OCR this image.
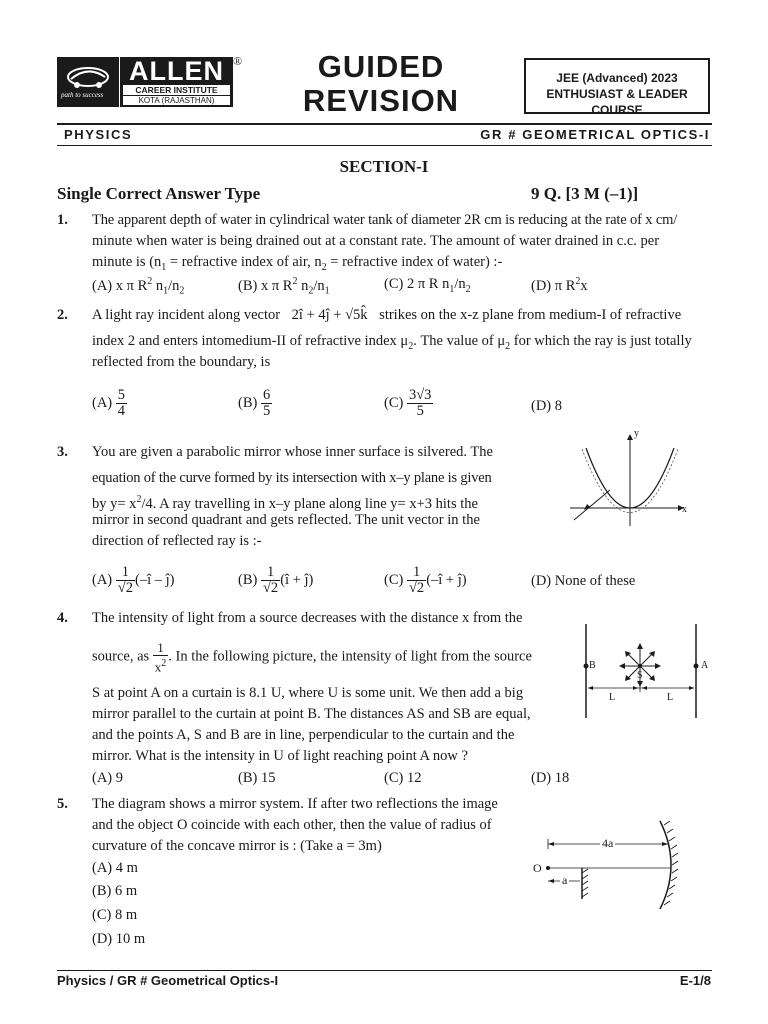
path to success
ALLEN
CAREER INSTITUTE
KOTA (RAJASTHAN)
®	GUIDED
REVISION
JEE (Advanced) 2023
ENTHUSIAST & LEADER COURSE
PHYSICS	GR # GEOMETRICAL OPTICS-I
SECTION-I
Single Correct Answer Type	9 Q. [3 M (–1)]
1. The apparent depth of water in cylindrical water tank of diameter 2R cm is reducing at the rate of x cm/
minute when water is being drained out at a constant rate. The amount of water drained in c.c. per
minute is ($n_1$ = refractive index of air, $n_2$ = refractive index of water) :-
(A) x π $R^2$ $n_1/n_2$	(B) x π $R^2$ $n_2/n_1$	(C) 2 π R $n_1/n_2$	(D) π $R^2x$
2. A light ray incident along vector 2î + 4ĵ + √5k̂ strikes on the x-z plane from medium-I of refractive
index 2 and enters intomedium-II of refractive index $\mu_2$. The value of $\mu_2$ for which the ray is just totally
reflected from the boundary, is
$(A) \frac{5}{4}$	$(B) \frac{6}{5}$	$(C) \frac{3√3}{5}$	(D) 8
3. You are given a parabolic mirror whose inner surface is silvered. The
equation of the curve formed by its intersection with x–y plane is given
by $y= x^2/4$. A ray travelling in x–y plane along line y= x+3 hits the
mirror in second quadrant and gets reflected. The unit vector in the
direction of reflected ray is :-
y
x
$(A) \frac{1}{√2}$ (–î – ĵ)	$(B) \frac{1}{√2}$ (î + ĵ)	$(C) \frac{1}{√2}$ (–î + ĵ)	(D) None of these
4. The intensity of light from a source decreases with the distance x from the
source, as $\frac{1}{x^2}$ . In the following picture, the intensity of light from the source
S at point A on a curtain is 8.1 U, where U is some unit. We then add a big
mirror parallel to the curtain at point B. The distances AS and SB are equal,
and the points A, S and B are in line, perpendicular to the curtain and the
mirror. What is the intensity in U of light reaching point A now ?
B	A
S
L	L
(A) 9	(B) 15	(C) 12	(D) 18
5. The diagram shows a mirror system. If after two reflections the image
and the object O coincide with each other, then the value of radius of
curvature of the concave mirror is : (Take a = 3m)
O
4a
a
(A) 4 m
(B) 6 m
(C) 8 m
(D) 10 m
Physics / GR # Geometrical Optics-I	E-1/8
